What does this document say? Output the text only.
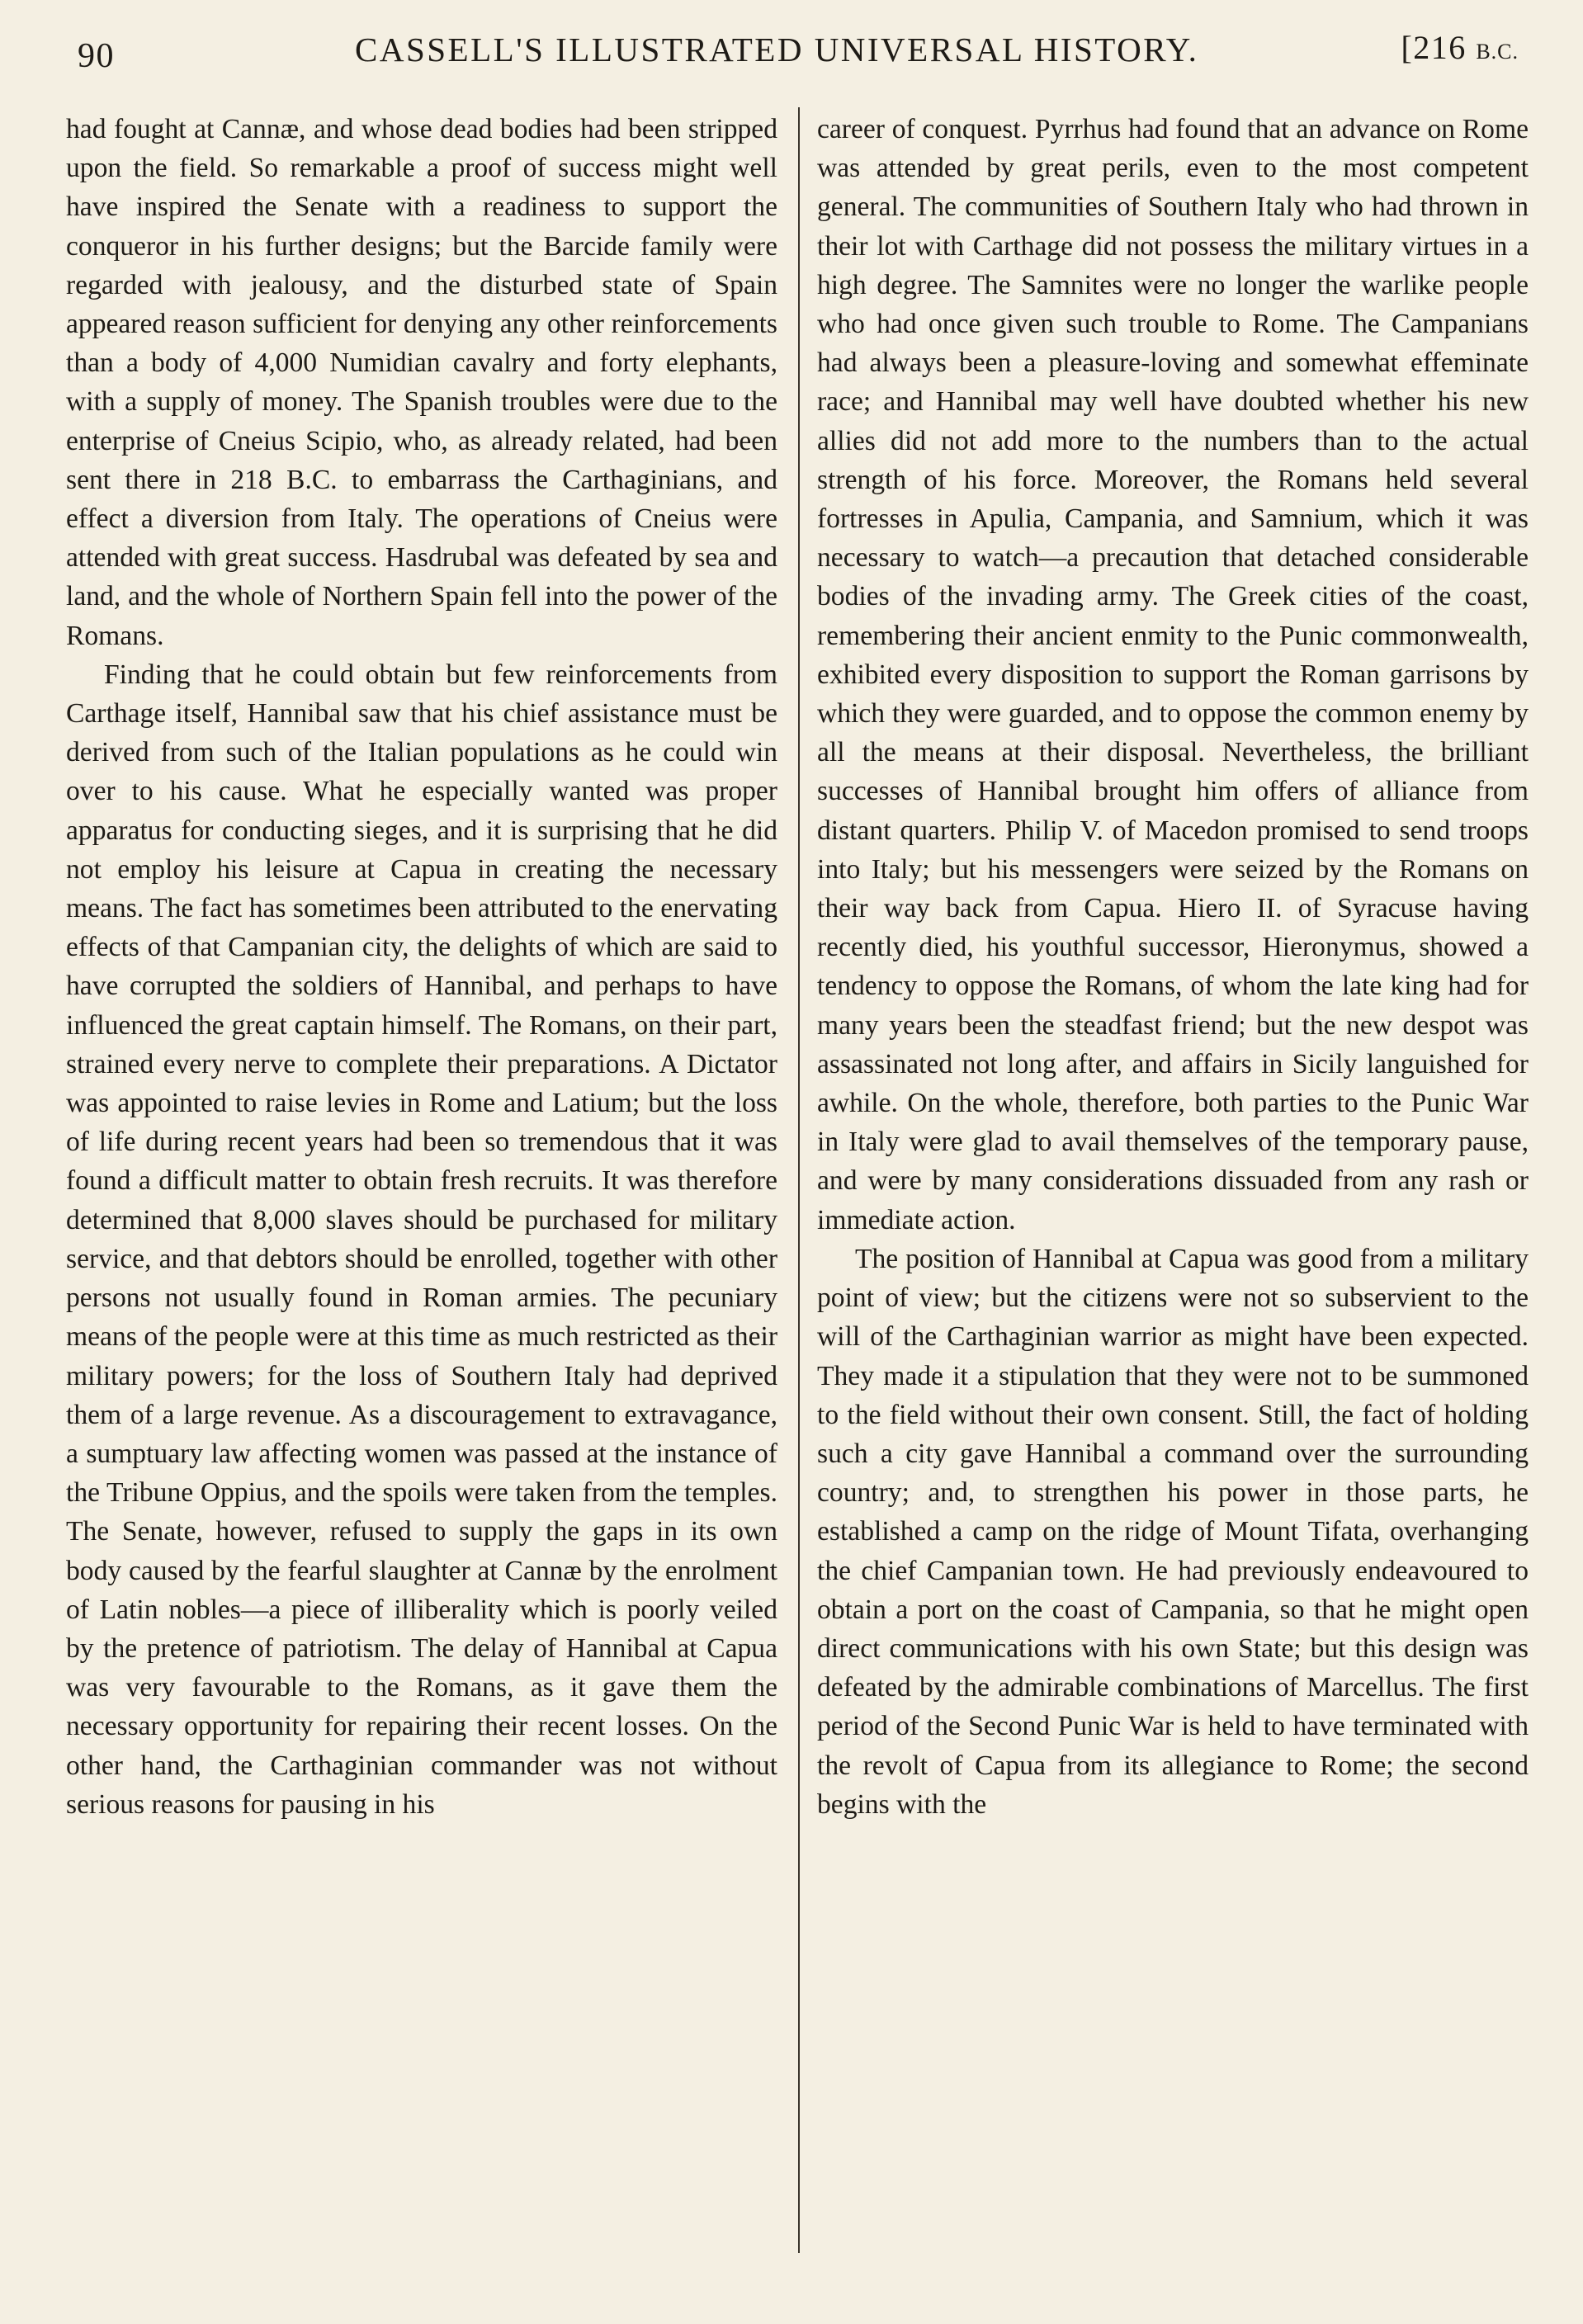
90	CASSELL'S ILLUSTRATED UNIVERSAL HISTORY.	[216 B.C.

had fought at Cannæ, and whose dead bodies had been stripped upon the field. So remarkable a proof of success might well have inspired the Senate with a readiness to support the conqueror in his further designs; but the Barcide family were regarded with jealousy, and the disturbed state of Spain appeared reason sufficient for denying any other reinforcements than a body of 4,000 Numidian cavalry and forty elephants, with a supply of money. The Spanish troubles were due to the enterprise of Cneius Scipio, who, as already related, had been sent there in 218 B.C. to embarrass the Carthaginians, and effect a diversion from Italy. The operations of Cneius were attended with great success. Hasdrubal was defeated by sea and land, and the whole of Northern Spain fell into the power of the Romans.

Finding that he could obtain but few reinforcements from Carthage itself, Hannibal saw that his chief assistance must be derived from such of the Italian populations as he could win over to his cause. What he especially wanted was proper apparatus for conducting sieges, and it is surprising that he did not employ his leisure at Capua in creating the necessary means. The fact has sometimes been attributed to the enervating effects of that Campanian city, the delights of which are said to have corrupted the soldiers of Hannibal, and perhaps to have influenced the great captain himself. The Romans, on their part, strained every nerve to complete their preparations. A Dictator was appointed to raise levies in Rome and Latium; but the loss of life during recent years had been so tremendous that it was found a difficult matter to obtain fresh recruits. It was therefore determined that 8,000 slaves should be purchased for military service, and that debtors should be enrolled, together with other persons not usually found in Roman armies. The pecuniary means of the people were at this time as much restricted as their military powers; for the loss of Southern Italy had deprived them of a large revenue. As a discouragement to extravagance, a sumptuary law affecting women was passed at the instance of the Tribune Oppius, and the spoils were taken from the temples. The Senate, however, refused to supply the gaps in its own body caused by the fearful slaughter at Cannæ by the enrolment of Latin nobles—a piece of illiberality which is poorly veiled by the pretence of patriotism. The delay of Hannibal at Capua was very favourable to the Romans, as it gave them the necessary opportunity for repairing their recent losses. On the other hand, the Carthaginian commander was not without serious reasons for pausing in his

career of conquest. Pyrrhus had found that an advance on Rome was attended by great perils, even to the most competent general. The communities of Southern Italy who had thrown in their lot with Carthage did not possess the military virtues in a high degree. The Samnites were no longer the warlike people who had once given such trouble to Rome. The Campanians had always been a pleasure-loving and somewhat effeminate race; and Hannibal may well have doubted whether his new allies did not add more to the numbers than to the actual strength of his force. Moreover, the Romans held several fortresses in Apulia, Campania, and Samnium, which it was necessary to watch—a precaution that detached considerable bodies of the invading army. The Greek cities of the coast, remembering their ancient enmity to the Punic commonwealth, exhibited every disposition to support the Roman garrisons by which they were guarded, and to oppose the common enemy by all the means at their disposal. Nevertheless, the brilliant successes of Hannibal brought him offers of alliance from distant quarters. Philip V. of Macedon promised to send troops into Italy; but his messengers were seized by the Romans on their way back from Capua. Hiero II. of Syracuse having recently died, his youthful successor, Hieronymus, showed a tendency to oppose the Romans, of whom the late king had for many years been the steadfast friend; but the new despot was assassinated not long after, and affairs in Sicily languished for awhile. On the whole, therefore, both parties to the Punic War in Italy were glad to avail themselves of the temporary pause, and were by many considerations dissuaded from any rash or immediate action.

The position of Hannibal at Capua was good from a military point of view; but the citizens were not so subservient to the will of the Carthaginian warrior as might have been expected. They made it a stipulation that they were not to be summoned to the field without their own consent. Still, the fact of holding such a city gave Hannibal a command over the surrounding country; and, to strengthen his power in those parts, he established a camp on the ridge of Mount Tifata, overhanging the chief Campanian town. He had previously endeavoured to obtain a port on the coast of Campania, so that he might open direct communications with his own State; but this design was defeated by the admirable combinations of Marcellus. The first period of the Second Punic War is held to have terminated with the revolt of Capua from its allegiance to Rome; the second begins with the
